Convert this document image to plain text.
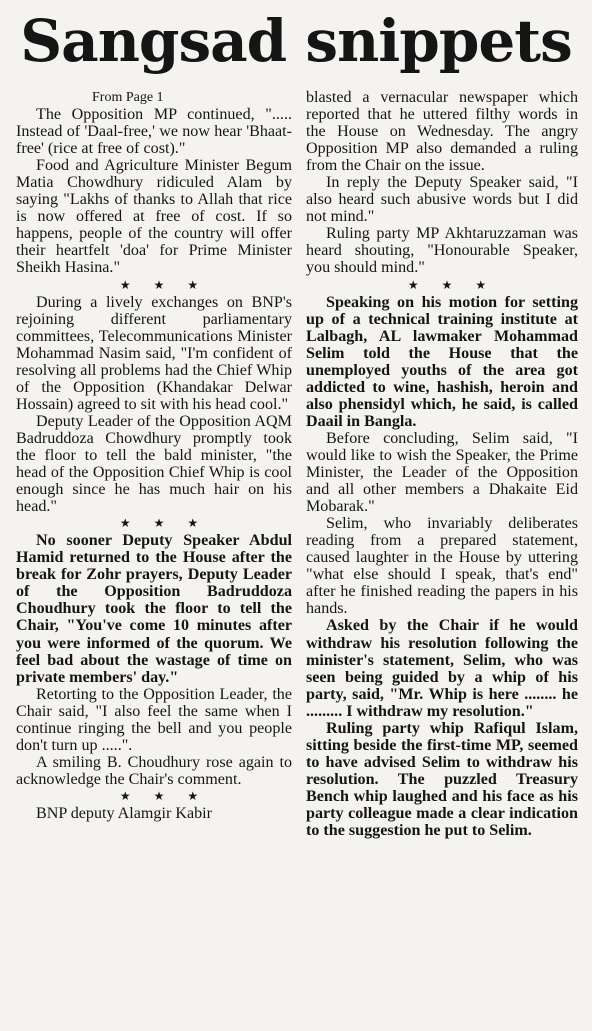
Sangsad snippets

From Page 1

The Opposition MP continued, "..... Instead of 'Daal-free,' we now hear 'Bhaat-free' (rice at free of cost)."

Food and Agriculture Minister Begum Matia Chowdhury ridiculed Alam by saying "Lakhs of thanks to Allah that rice is now offered at free of cost. If so happens, people of the country will offer their heartfelt 'doa' for Prime Minister Sheikh Hasina."

★ ★ ★

During a lively exchanges on BNP's rejoining different parliamentary committees, Telecommunications Minister Mohammad Nasim said, "I'm confident of resolving all problems had the Chief Whip of the Opposition (Khandakar Delwar Hossain) agreed to sit with his head cool."

Deputy Leader of the Opposition AQM Badruddoza Chowdhury promptly took the floor to tell the bald minister, "the head of the Opposition Chief Whip is cool enough since he has much hair on his head."

★ ★ ★

No sooner Deputy Speaker Abdul Hamid returned to the House after the break for Zohr prayers, Deputy Leader of the Opposition Badruddoza Choudhury took the floor to tell the Chair, "You've come 10 minutes after you were informed of the quorum. We feel bad about the wastage of time on private members' day."

Retorting to the Opposition Leader, the Chair said, "I also feel the same when I continue ringing the bell and you people don't turn up .....".

A smiling B. Choudhury rose again to acknowledge the Chair's comment.

★ ★ ★

BNP deputy Alamgir Kabir

blasted a vernacular newspaper which reported that he uttered filthy words in the House on Wednesday. The angry Opposition MP also demanded a ruling from the Chair on the issue.

In reply the Deputy Speaker said, "I also heard such abusive words but I did not mind."

Ruling party MP Akhtaruzzaman was heard shouting, "Honourable Speaker, you should mind."

★ ★ ★

Speaking on his motion for setting up of a technical training institute at Lalbagh, AL lawmaker Mohammad Selim told the House that the unemployed youths of the area got addicted to wine, hashish, heroin and also phensidyl which, he said, is called Daail in Bangla.

Before concluding, Selim said, "I would like to wish the Speaker, the Prime Minister, the Leader of the Opposition and all other members a Dhakaite Eid Mobarak."

Selim, who invariably deliberates reading from a prepared statement, caused laughter in the House by uttering "what else should I speak, that's end" after he finished reading the papers in his hands.

Asked by the Chair if he would withdraw his resolution following the minister's statement, Selim, who was seen being guided by a whip of his party, said, "Mr. Whip is here ........ he ......... I withdraw my resolution."

Ruling party whip Rafiqul Islam, sitting beside the first-time MP, seemed to have advised Selim to withdraw his resolution. The puzzled Treasury Bench whip laughed and his face as his party colleague made a clear indication to the suggestion he put to Selim.
